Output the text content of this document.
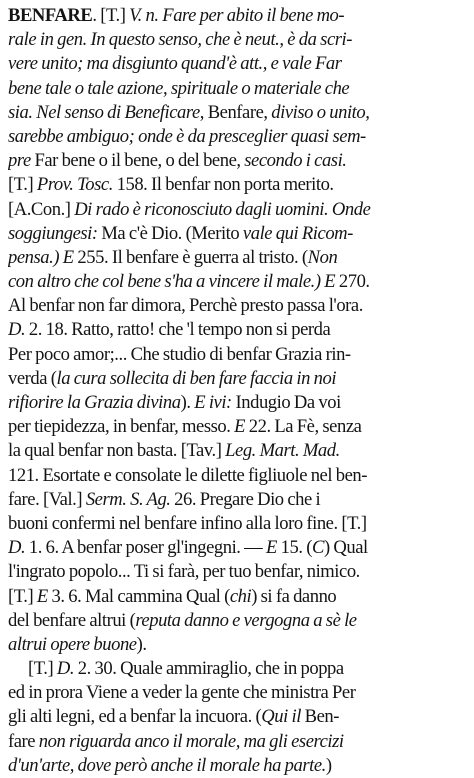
BENFARE. [T.] V. n. Fare per abito il bene mo-
rale in gen. In questo senso, che è neut., è da scri-
vere unito; ma disgiunto quand'è att., e vale Far
bene tale o tale azione, spirituale o materiale che
sia. Nel senso di Beneficare, Benfare, diviso o unito,
sarebbe ambiguo; onde è da presceglier quasi sem-
pre Far bene o il bene, o del bene, secondo i casi.
[T.] Prov. Tosc. 158. Il benfar non porta merito.
[A.Con.] Di rado è riconosciuto dagli uomini. Onde
soggiungesi: Ma c'è Dio. (Merito vale qui Ricom-
pensa.) E 255. Il benfare è guerra al tristo. (Non
con altro che col bene s'ha a vincere il male.) E 270.
Al benfar non far dimora, Perchè presto passa l'ora.
D. 2. 18. Ratto, ratto! che 'l tempo non si perda
Per poco amor;... Che studio di benfar Grazia rin-
verda (la cura sollecita di ben fare faccia in noi
rifiorire la Grazia divina). E ivi: Indugio Da voi
per tiepidezza, in benfar, messo. E 22. La Fè, senza
la qual benfar non basta. [Tav.] Leg. Mart. Mad.
121. Esortate e consolate le dilette figliuole nel ben-
fare. [Val.] Serm. S. Ag. 26. Pregare Dio che i
buoni confermi nel benfare infino alla loro fine. [T.]
D. 1. 6. A benfar poser gl'ingegni. — E 15. (C) Qual
l'ingrato popolo... Ti si farà, per tuo benfar, nimico.
[T.] E 3. 6. Mal cammina Qual (chi) si fa danno
del benfare altrui (reputa danno e vergogna a sè le
altrui opere buone).
[T.] D. 2. 30. Quale ammiraglio, che in poppa
ed in prora Viene a veder la gente che ministra Per
gli alti legni, ed a benfar la incuora. (Qui il Ben-
fare non riguarda anco il morale, ma gli esercizi
d'un'arte, dove però anche il morale ha parte.)
